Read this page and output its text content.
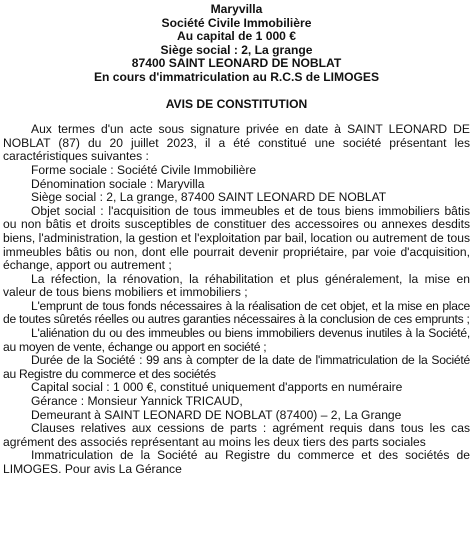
Maryvilla
Société Civile Immobilière
Au capital de 1 000 €
Siège social : 2, La grange
87400 SAINT LEONARD DE NOBLAT
En cours d'immatriculation au R.C.S de LIMOGES
AVIS DE CONSTITUTION

Aux termes d'un acte sous signature privée en date à SAINT LEONARD DE NOBLAT (87) du 20 juillet 2023, il a été constitué une société présentant les caractéristiques suivantes :

Forme sociale : Société Civile Immobilière

Dénomination sociale : Maryvilla

Siège social : 2, La grange, 87400 SAINT LEONARD DE NOBLAT

Objet social : l'acquisition de tous immeubles et de tous biens immobiliers bâtis ou non bâtis et droits susceptibles de constituer des accessoires ou annexes desdits biens, l'administration, la gestion et l'exploitation par bail, location ou autrement de tous immeubles bâtis ou non, dont elle pourrait devenir propriétaire, par voie d'acquisition, échange, apport ou autrement ;

La réfection, la rénovation, la réhabilitation et plus généralement, la mise en valeur de tous biens mobiliers et immobiliers ;

L'emprunt de tous fonds nécessaires à la réalisation de cet objet, et la mise en place de toutes sûretés réelles ou autres garanties nécessaires à la conclusion de ces emprunts ;

L'aliénation du ou des immeubles ou biens immobiliers devenus inutiles à la Société, au moyen de vente, échange ou apport en société ;

Durée de la Société : 99 ans à compter de la date de l'immatriculation de la Société au Registre du commerce et des sociétés

Capital social : 1 000 €, constitué uniquement d'apports en numéraire

Gérance : Monsieur Yannick TRICAUD,

Demeurant à SAINT LEONARD DE NOBLAT (87400) – 2, La Grange

Clauses relatives aux cessions de parts : agrément requis dans tous les cas agrément des associés représentant au moins les deux tiers des parts sociales

Immatriculation de la Société au Registre du commerce et des sociétés de LIMOGES. Pour avis La Gérance
